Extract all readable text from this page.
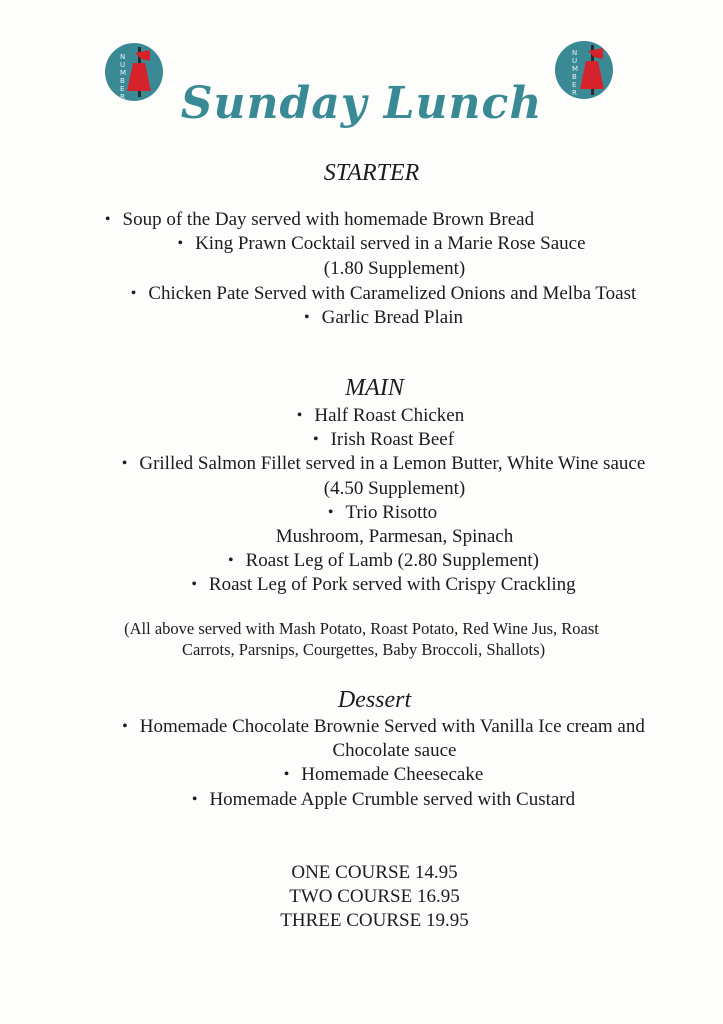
N
U
M
B
E
R
N
U
M
B
E
R
Sunday Lunch
STARTER
• Soup of the Day served with homemade Brown Bread
• King Prawn Cocktail served in a Marie Rose Sauce
(1.80 Supplement)
• Chicken Pate Served with Caramelized Onions and Melba Toast
• Garlic Bread Plain
MAIN
• Half Roast Chicken
• Irish Roast Beef
• Grilled Salmon Fillet served in a Lemon Butter, White Wine sauce
(4.50 Supplement)
• Trio Risotto
Mushroom, Parmesan, Spinach
• Roast Leg of Lamb (2.80 Supplement)
• Roast Leg of Pork served with Crispy Crackling
(All above served with Mash Potato, Roast Potato, Red Wine Jus, Roast
Carrots, Parsnips, Courgettes, Baby Broccoli, Shallots)
Dessert
• Homemade Chocolate Brownie Served with Vanilla Ice cream and
Chocolate sauce
• Homemade Cheesecake
• Homemade Apple Crumble served with Custard
ONE COURSE 14.95
TWO COURSE 16.95
THREE COURSE 19.95
